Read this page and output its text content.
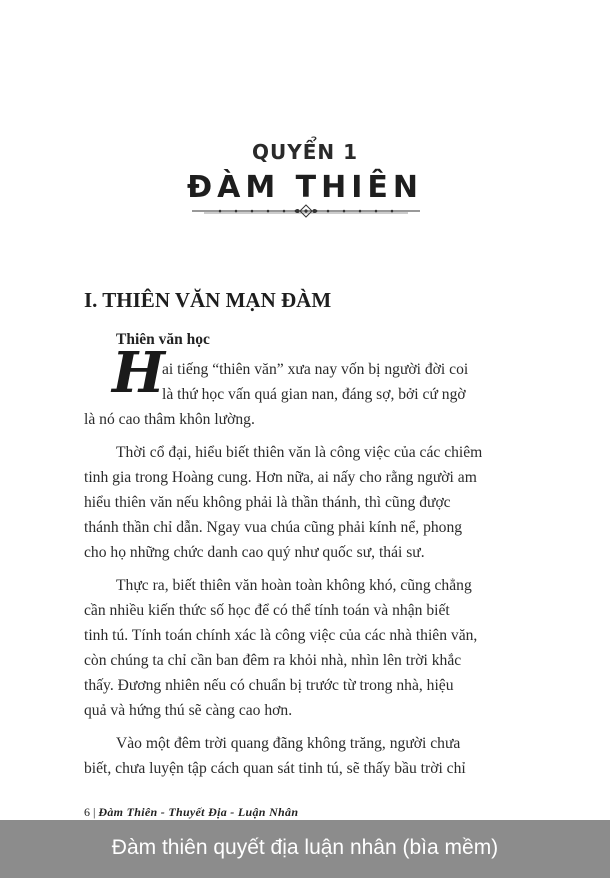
QUYỂN 1
ĐÀM THIÊN
I. THIÊN VĂN MẠN ĐÀM
Thiên văn học
H
ai tiếng “thiên văn” xưa nay vốn bị người đời coi
là thứ học vấn quá gian nan, đáng sợ, bởi cứ ngờ
là nó cao thâm khôn lường.
Thời cổ đại, hiểu biết thiên văn là công việc của các chiêm
tinh gia trong Hoàng cung. Hơn nữa, ai nấy cho rằng người am
hiểu thiên văn nếu không phải là thần thánh, thì cũng được
thánh thần chỉ dẫn. Ngay vua chúa cũng phải kính nể, phong
cho họ những chức danh cao quý như quốc sư, thái sư.
Thực ra, biết thiên văn hoàn toàn không khó, cũng chẳng
cần nhiều kiến thức số học để có thể tính toán và nhận biết
tinh tú. Tính toán chính xác là công việc của các nhà thiên văn,
còn chúng ta chỉ cần ban đêm ra khỏi nhà, nhìn lên trời khắc
thấy. Đương nhiên nếu có chuẩn bị trước từ trong nhà, hiệu
quả và hứng thú sẽ càng cao hơn.
Vào một đêm trời quang đãng không trăng, người chưa
biết, chưa luyện tập cách quan sát tinh tú, sẽ thấy bầu trời chỉ
6 | Đàm Thiên - Thuyết Địa - Luận Nhân
Đàm thiên quyết địa luận nhân (bìa mềm)
